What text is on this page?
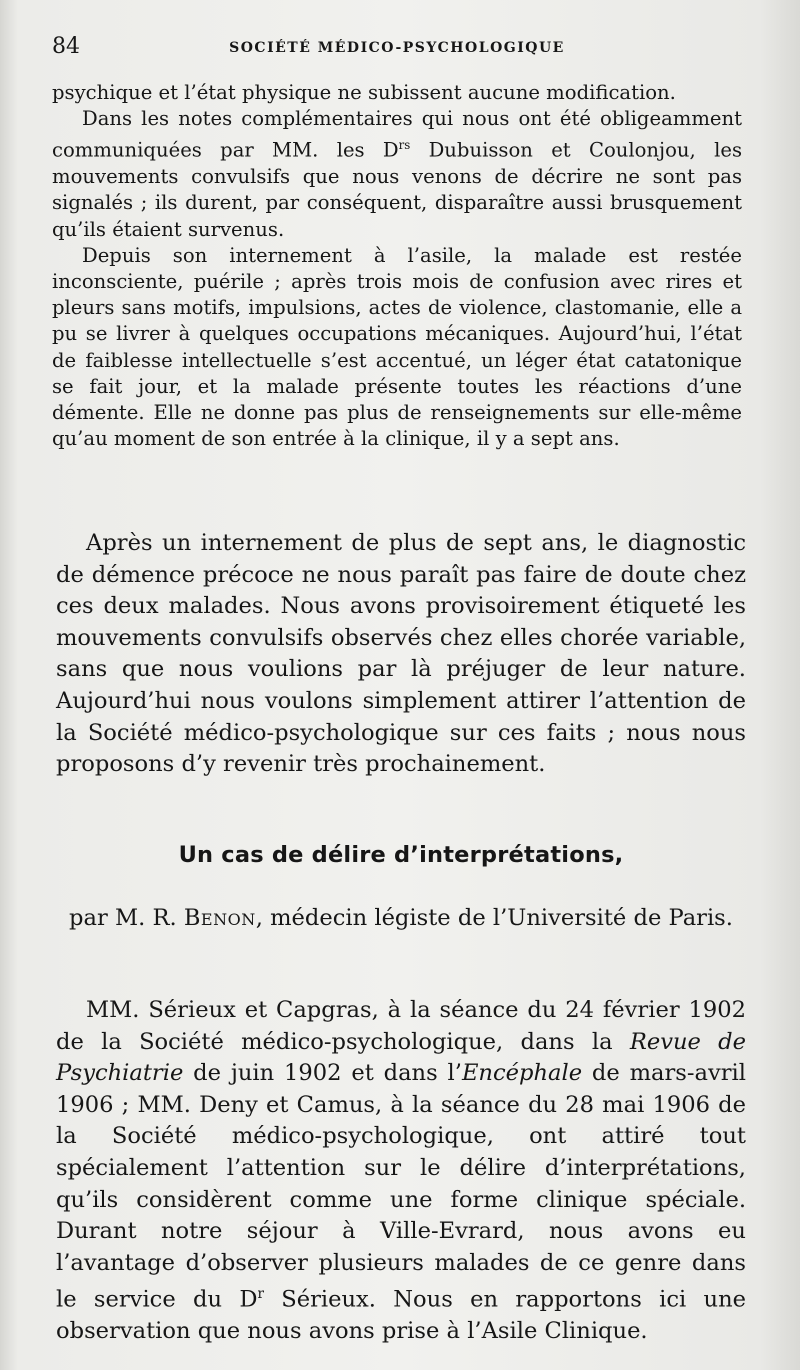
84	SOCIÉTÉ MÉDICO-PSYCHOLOGIQUE

psychique et l’état physique ne subissent aucune modification.

Dans les notes complémentaires qui nous ont été obligeamment communiquées par MM. les $D^{rs}$ Dubuisson et Coulonjou, les mouvements convulsifs que nous venons de décrire ne sont pas signalés ; ils durent, par conséquent, disparaître aussi brusquement qu’ils étaient survenus.

Depuis son internement à l’asile, la malade est restée inconsciente, puérile ; après trois mois de confusion avec rires et pleurs sans motifs, impulsions, actes de violence, clastomanie, elle a pu se livrer à quelques occupations mécaniques. Aujourd’hui, l’état de faiblesse intellectuelle s’est accentué, un léger état catatonique se fait jour, et la malade présente toutes les réactions d’une démente. Elle ne donne pas plus de renseignements sur elle-même qu’au moment de son entrée à la clinique, il y a sept ans.

Après un internement de plus de sept ans, le diagnostic de démence précoce ne nous paraît pas faire de doute chez ces deux malades. Nous avons provisoirement étiqueté les mouvements convulsifs observés chez elles chorée variable, sans que nous voulions par là préjuger de leur nature. Aujourd’hui nous voulons simplement attirer l’attention de la Société médico-psychologique sur ces faits ; nous nous proposons d’y revenir très prochainement.

Un cas de délire d’interprétations,
par M. R. Benon, médecin légiste de l’Université de Paris.

MM. Sérieux et Capgras, à la séance du 24 février 1902 de la Société médico-psychologique, dans la Revue de Psychiatrie de juin 1902 et dans l’Encéphale de mars-avril 1906 ; MM. Deny et Camus, à la séance du 28 mai 1906 de la Société médico-psychologique, ont attiré tout spécialement l’attention sur le délire d’interprétations, qu’ils considèrent comme une forme clinique spéciale. Durant notre séjour à Ville-Evrard, nous avons eu l’avantage d’observer plusieurs malades de ce genre dans le service du $D^r$ Sérieux. Nous en rapportons ici une observation que nous avons prise à l’Asile Clinique.
